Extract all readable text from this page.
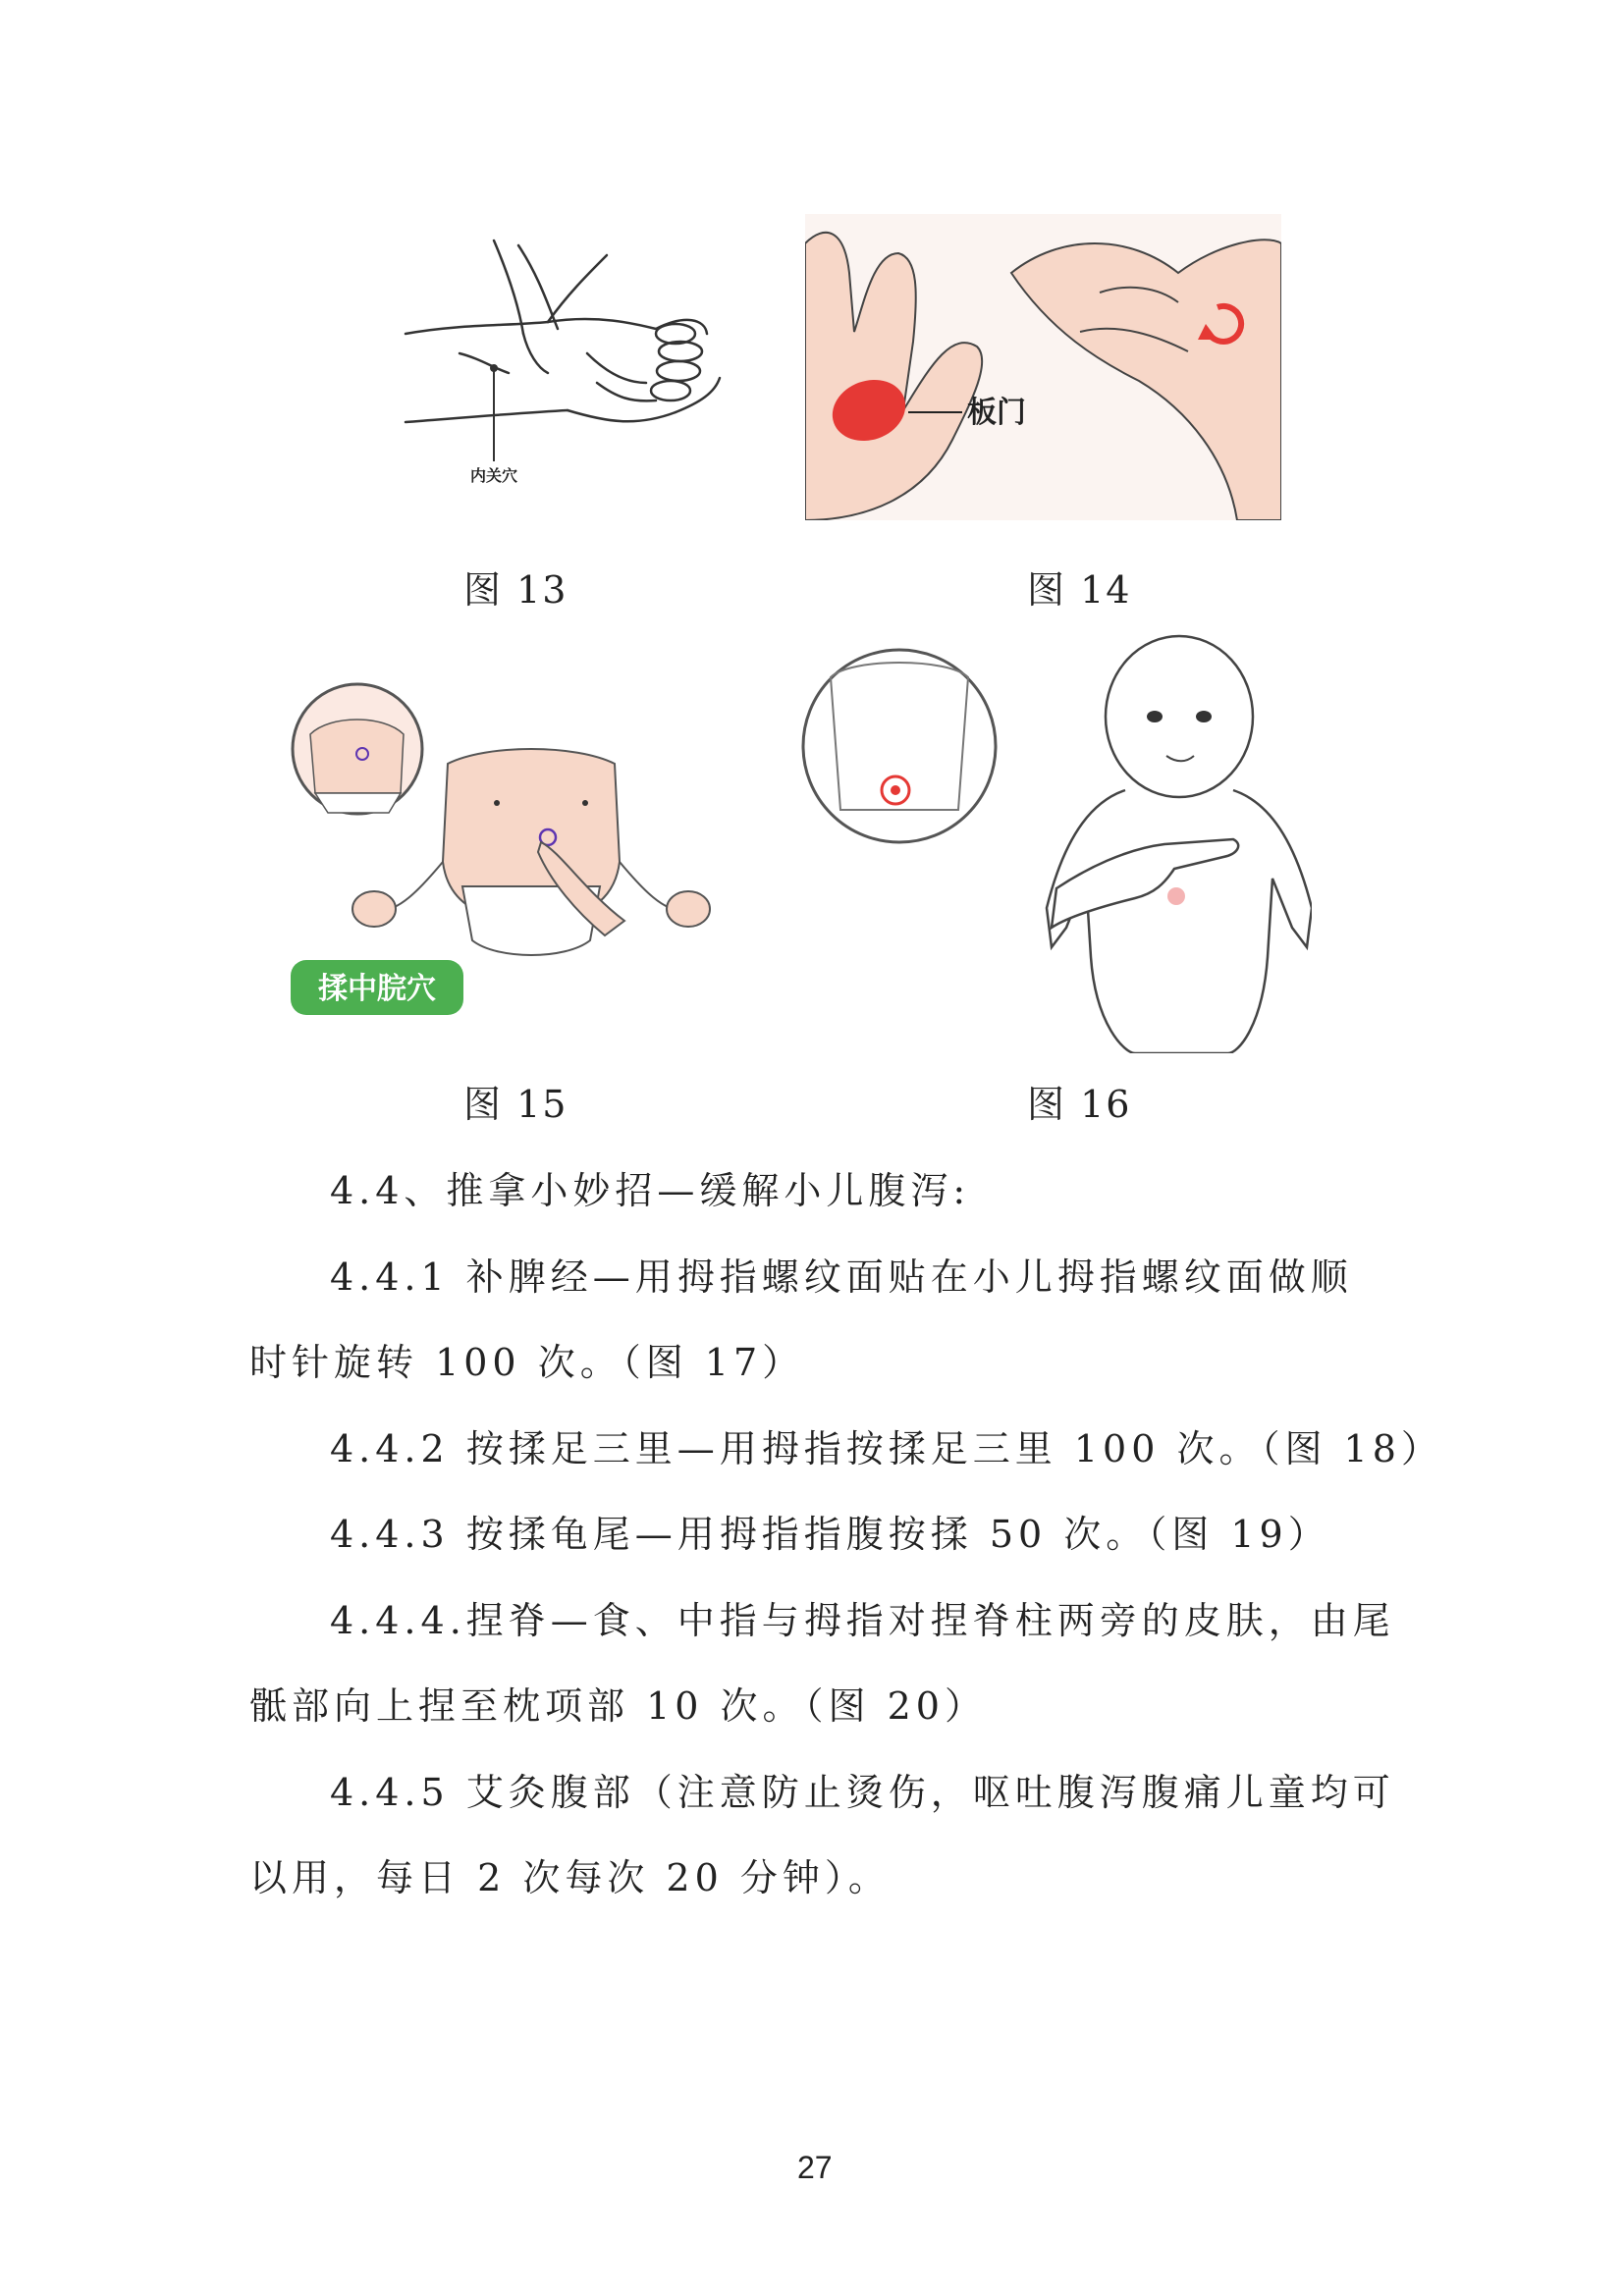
内关穴
图 13
板门
图 14
揉中脘穴
图 15	图 16
4.4、推拿小妙招—缓解小儿腹泻:
4.4.1 补脾经—用拇指螺纹面贴在小儿拇指螺纹面做顺
时针旋转 100 次。（图 17）
4.4.2 按揉足三里—用拇指按揉足三里 100 次。（图 18）
4.4.3 按揉龟尾—用拇指指腹按揉 50 次。（图 19）
4.4.4.捏脊—食、中指与拇指对捏脊柱两旁的皮肤，由尾
骶部向上捏至枕项部 10 次。（图 20）
4.4.5 艾灸腹部（注意防止烫伤，呕吐腹泻腹痛儿童均可
以用，每日 2 次每次 20 分钟）。
27
